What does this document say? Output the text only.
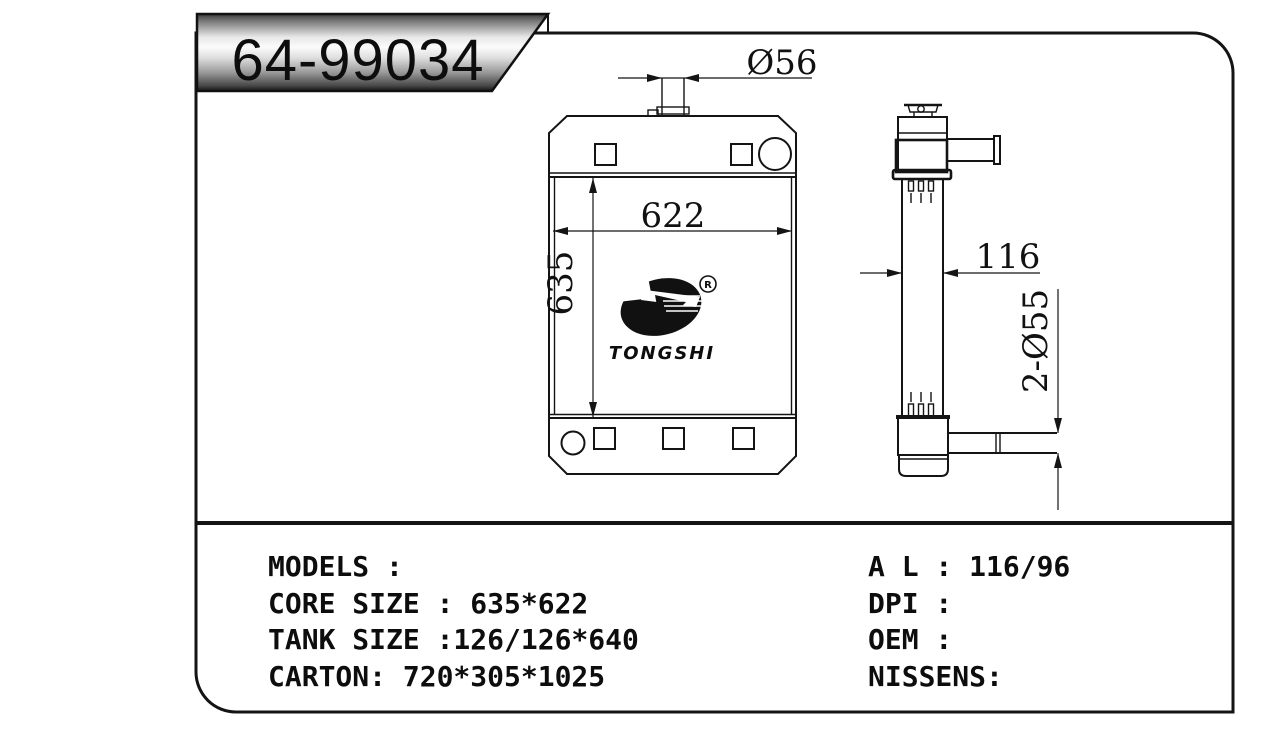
64-99034	Ø56
622
635	R
TONGSHI
116
2-Ø55
MODELS :
CORE SIZE : 635*622
TANK SIZE :126/126*640
CARTON: 720*305*1025
A L : 116/96
DPI :
OEM :
NISSENS:
